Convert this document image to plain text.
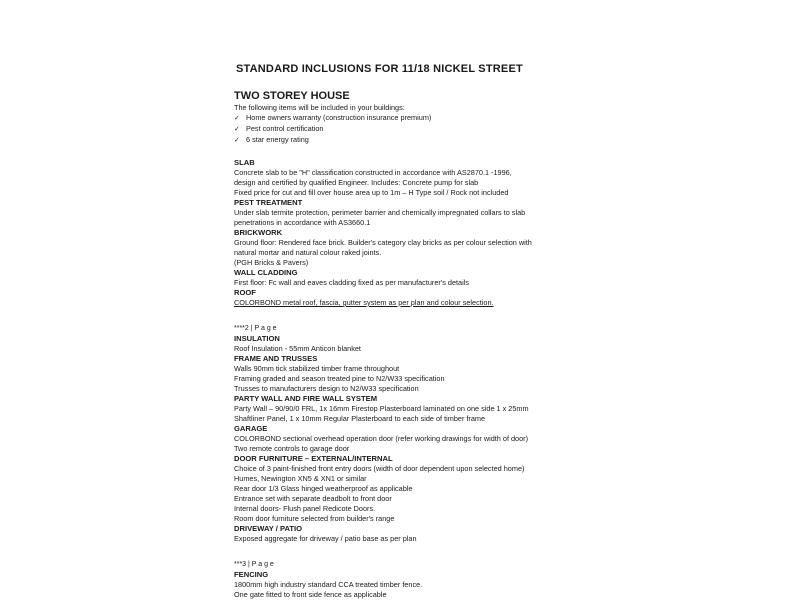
STANDARD INCLUSIONS FOR 11/18 NICKEL STREET
TWO STOREY HOUSE
The following items will be included in your buildings:
✓ Home owners warranty (construction insurance premium)
✓ Pest control certification
✓ 6 star energy rating
SLAB
Concrete slab to be "H" classification constructed in accordance with AS2870.1 -1996,
design and certified by qualified Engineer. Includes: Concrete pump for slab
Fixed price for cut and fill over house area up to 1m – H Type soil / Rock not included
PEST TREATMENT
Under slab termite protection, perimeter barrier and chemically impregnated collars to slab
penetrations in accordance with AS3660.1
BRICKWORK
Ground floor: Rendered face brick. Builder's category clay bricks as per colour selection with
natural mortar and natural colour raked joints.
(PGH Bricks & Pavers)
WALL CLADDING
First floor: Fc wall and eaves cladding fixed as per manufacturer's details
ROOF
COLORBOND metal roof, fascia, gutter system as per plan and colour selection.
****2 | P a g e
INSULATION
Roof Insulation - 55mm Anticon blanket
FRAME AND TRUSSES
Walls 90mm tick stabilized timber frame throughout
Framing graded and season treated pine to N2/W33 specification
Trusses to manufacturers design to N2/W33 specification
PARTY WALL AND FIRE WALL SYSTEM
Party Wall – 90/90/0 FRL, 1x 16mm Firestop Plasterboard laminated on one side 1 x 25mm
Shaftliner Panel, 1 x 10mm Regular Plasterboard to each side of timber frame
GARAGE
COLORBOND sectional overhead operation door (refer working drawings for width of door)
Two remote controls to garage door
DOOR FURNITURE – EXTERNAL/INTERNAL
Choice of 3 paint-finished front entry doors (width of door dependent upon selected home)
Humes, Newington XN5 & XN1 or similar
Rear door 1/3 Glass hinged weatherproof as applicable
Entrance set with separate deadbolt to front door
Internal doors- Flush panel Redicote Doors.
Room door furniture selected from builder's range
DRIVEWAY / PATIO
Exposed aggregate for driveway / patio base as per plan
***3 | P a g e
FENCING
1800mm high industry standard CCA treated timber fence.
One gate fitted to front side fence as applicable
